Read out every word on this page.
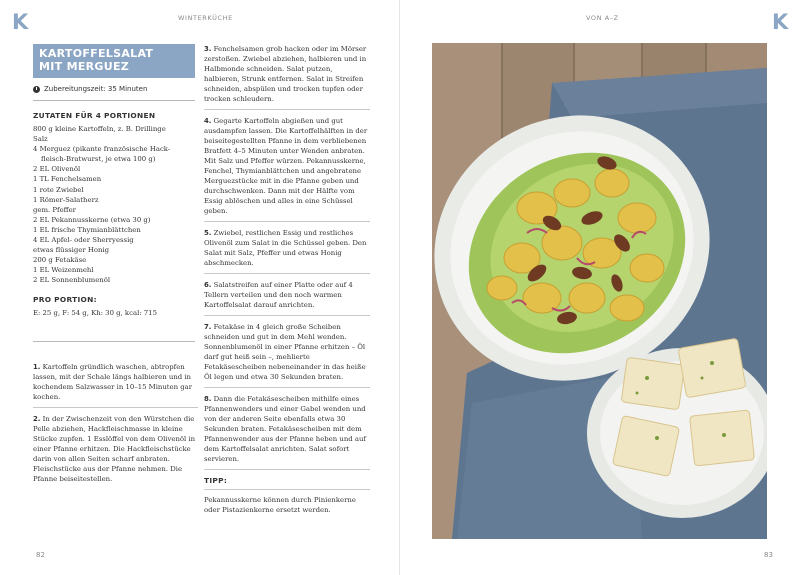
K	WINTERKÜCHE
82
KARTOFFELSALAT
MIT MERGUEZ
Zubereitungszeit: 35 Minuten
ZUTATEN FÜR 4 PORTIONEN
800 g kleine Kartoffeln, z. B. Drillinge
Salz
4 Merguez (pikante französische Hack-
fleisch-Bratwurst, je etwa 100 g)
2 EL Olivenöl
1 TL Fenchelsamen
1 rote Zwiebel
1 Römer-Salatherz
gem. Pfeffer
2 EL Pekannusskerne (etwa 30 g)
1 EL frische Thymianblättchen
4 EL Apfel- oder Sherryessig
etwas flüssiger Honig
200 g Fetakäse
1 EL Weizenmehl
2 EL Sonnenblumenöl
PRO PORTION:
E: 25 g, F: 54 g, Kh: 30 g, kcal: 715

1. Kartoffeln gründlich waschen, abtropfen lassen, mit der Schale längs halbieren und in kochendem Salzwasser in 10–15 Minuten gar kochen.

2. In der Zwischenzeit von den Würstchen die Pelle abziehen, Hackfleischmasse in kleine Stücke zupfen. 1 Esslöffel von dem Olivenöl in einer Pfanne erhitzen. Die Hackfleischstücke darin von allen Seiten scharf anbraten. Fleischstücke aus der Pfanne nehmen. Die Pfanne beiseitestellen.

3. Fenchelsamen grob hacken oder im Mörser zerstoßen. Zwiebel abziehen, halbieren und in Halbmonde schneiden. Salat putzen, halbieren, Strunk entfernen. Salat in Streifen schneiden, abspülen und trocken tupfen oder trocken schleudern.

4. Gegarte Kartoffeln abgießen und gut ausdampfen lassen. Die Kartoffelhälften in der beiseitegestellten Pfanne in dem verbliebenen Bratfett 4–5 Minuten unter Wenden anbraten. Mit Salz und Pfeffer würzen. Pekannusskerne, Fenchel, Thymianblättchen und angebratene Merguezstücke mit in die Pfanne geben und durchschwenken. Dann mit der Hälfte vom Essig ablöschen und alles in eine Schüssel geben.

5. Zwiebel, restlichen Essig und restliches Olivenöl zum Salat in die Schüssel geben. Den Salat mit Salz, Pfeffer und etwas Honig abschmecken.

6. Salatstreifen auf einer Platte oder auf 4 Tellern verteilen und den noch warmen Kartoffelsalat darauf anrichten.

7. Fetakäse in 4 gleich große Scheiben schneiden und gut in dem Mehl wenden. Sonnenblumenöl in einer Pfanne erhitzen – Öl darf gut heiß sein –, mehlierte Fetakäsescheiben nebeneinander in das heiße Öl legen und etwa 30 Sekunden braten.

8. Dann die Fetakäsescheiben mithilfe eines Pfannenwenders und einer Gabel wenden und von der anderen Seite ebenfalls etwa 30 Sekunden braten. Fetakäsescheiben mit dem Pfannenwender aus der Pfanne heben und auf dem Kartoffelsalat anrichten. Salat sofort servieren.

TIPP:

Pekannusskerne können durch Pinienkerne oder Pistazienkerne ersetzt werden.

VON A–Z	K
83
